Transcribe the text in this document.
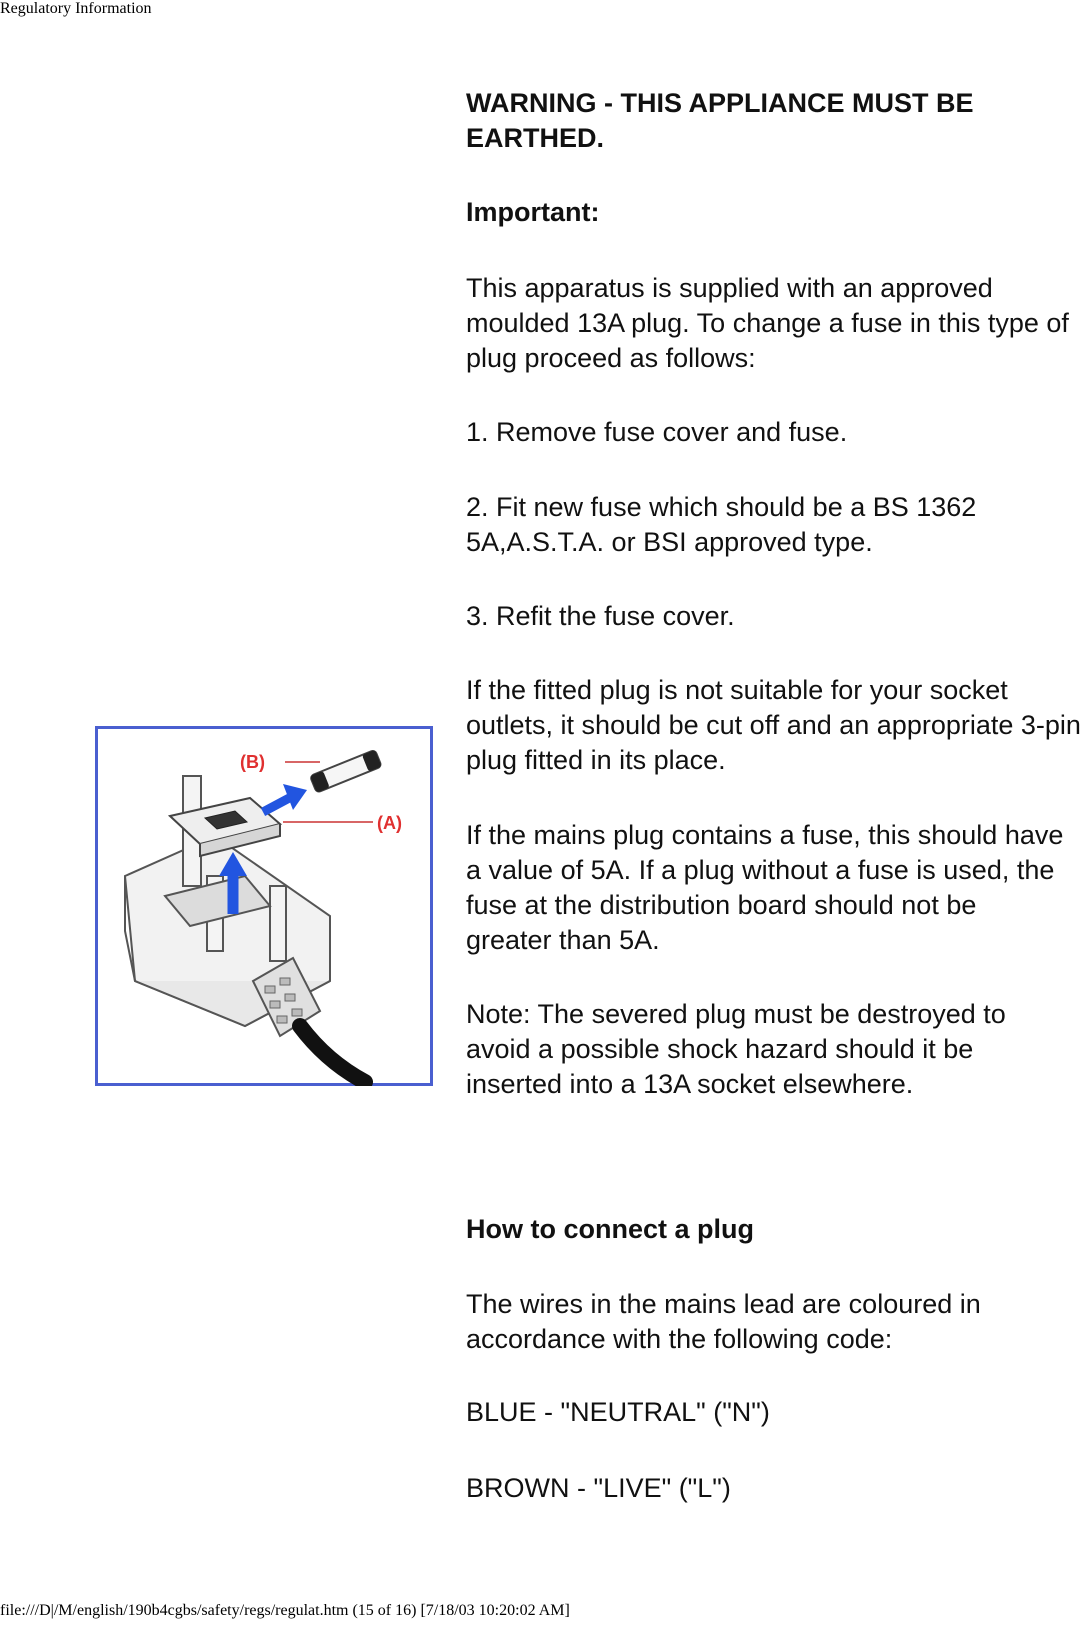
Regulatory Information
(B)
(A)

WARNING - THIS APPLIANCE MUST BE EARTHED.

Important:

This apparatus is supplied with an approved moulded 13A plug. To change a fuse in this type of plug proceed as follows:

1. Remove fuse cover and fuse.

2. Fit new fuse which should be a BS 1362 5A,A.S.T.A. or BSI approved type.

3. Refit the fuse cover.

If the fitted plug is not suitable for your socket outlets, it should be cut off and an appropriate 3-pin plug fitted in its place.

If the mains plug contains a fuse, this should have a value of 5A. If a plug without a fuse is used, the fuse at the distribution board should not be greater than 5A.

Note: The severed plug must be destroyed to avoid a possible shock hazard should it be inserted into a 13A socket elsewhere.

How to connect a plug

The wires in the mains lead are coloured in accordance with the following code:

BLUE - "NEUTRAL" ("N")

BROWN - "LIVE" ("L")

file:///D|/M/english/190b4cgbs/safety/regs/regulat.htm (15 of 16) [7/18/03 10:20:02 AM]
